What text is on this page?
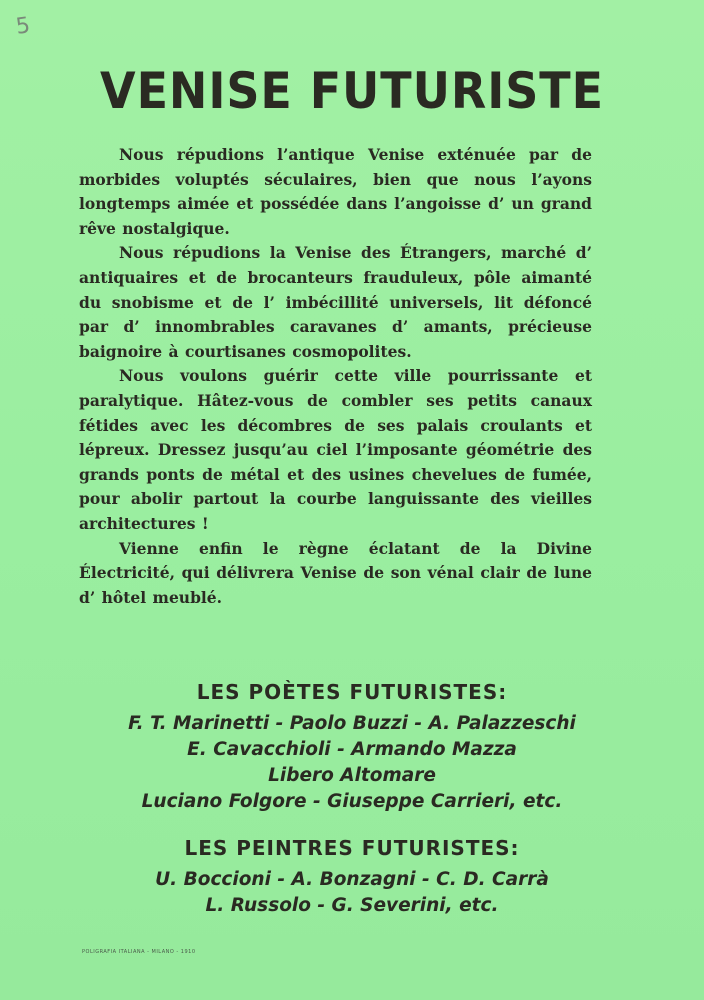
5
VENISE FUTURISTE

Nous répudions l’antique Venise exténuée par de morbides voluptés séculaires, bien que nous l’ayons longtemps aimée et possédée dans l’angoisse d’ un grand rêve nostalgique.

Nous répudions la Venise des Étrangers, marché d’ antiquaires et de brocanteurs frauduleux, pôle aimanté du snobisme et de l’ imbécillité universels, lit défoncé par d’ innombrables caravanes d’ amants, précieuse baignoire à courtisanes cosmopolites.

Nous voulons guérir cette ville pourrissante et paralytique. Hâtez-vous de combler ses petits canaux fétides avec les décombres de ses palais croulants et lépreux. Dressez jusqu’au ciel l’imposante géométrie des grands ponts de métal et des usines chevelues de fumée, pour abolir partout la courbe languissante des vieilles architectures !

Vienne enfin le règne éclatant de la Divine Électricité, qui délivrera Venise de son vénal clair de lune d’ hôtel meublé.

LES POÈTES FUTURISTES:
F. T. Marinetti - Paolo Buzzi - A. Palazzeschi
E. Cavacchioli - Armando Mazza
Libero Altomare
Luciano Folgore - Giuseppe Carrieri, etc.
LES PEINTRES FUTURISTES:
U. Boccioni - A. Bonzagni - C. D. Carrà
L. Russolo - G. Severini, etc.
POLIGRAFIA ITALIANA - MILANO - 1910
